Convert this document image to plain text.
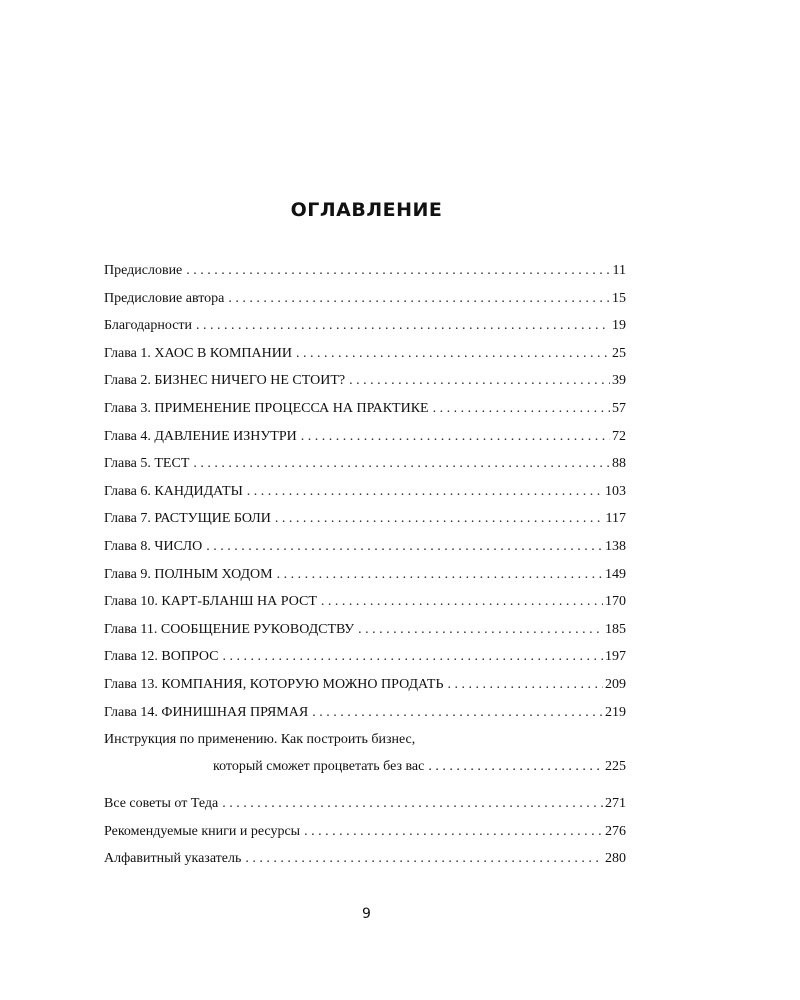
ОГЛАВЛЕНИЕ
Предисловие . . .	11
Предисловие автора . . .	15
Благодарности . . .	19
Глава 1. ХАОС В КОМПАНИИ . . .	25
Глава 2. БИЗНЕС НИЧЕГО НЕ СТОИТ? . . .	39
Глава 3. ПРИМЕНЕНИЕ ПРОЦЕССА НА ПРАКТИКЕ . . .	57
Глава 4. ДАВЛЕНИЕ ИЗНУТРИ . . .	72
Глава 5. ТЕСТ . . .	88
Глава 6. КАНДИДАТЫ . . .	103
Глава 7. РАСТУЩИЕ БОЛИ . . .	117
Глава 8. ЧИСЛО . . .	138
Глава 9. ПОЛНЫМ ХОДОМ . . .	149
Глава 10. КАРТ-БЛАНШ НА РОСТ . . .	170
Глава 11. СООБЩЕНИЕ РУКОВОДСТВУ . . .	185
Глава 12. ВОПРОС . . .	197
Глава 13. КОМПАНИЯ, КОТОРУЮ МОЖНО ПРОДАТЬ . . .	209
Глава 14. ФИНИШНАЯ ПРЯМАЯ . . .	219
Инструкция по применению. Как построить бизнес,
который сможет процветать без вас . . .	225
Все советы от Теда . . .	271
Рекомендуемые книги и ресурсы . . .	276
Алфавитный указатель . . .	280
9
